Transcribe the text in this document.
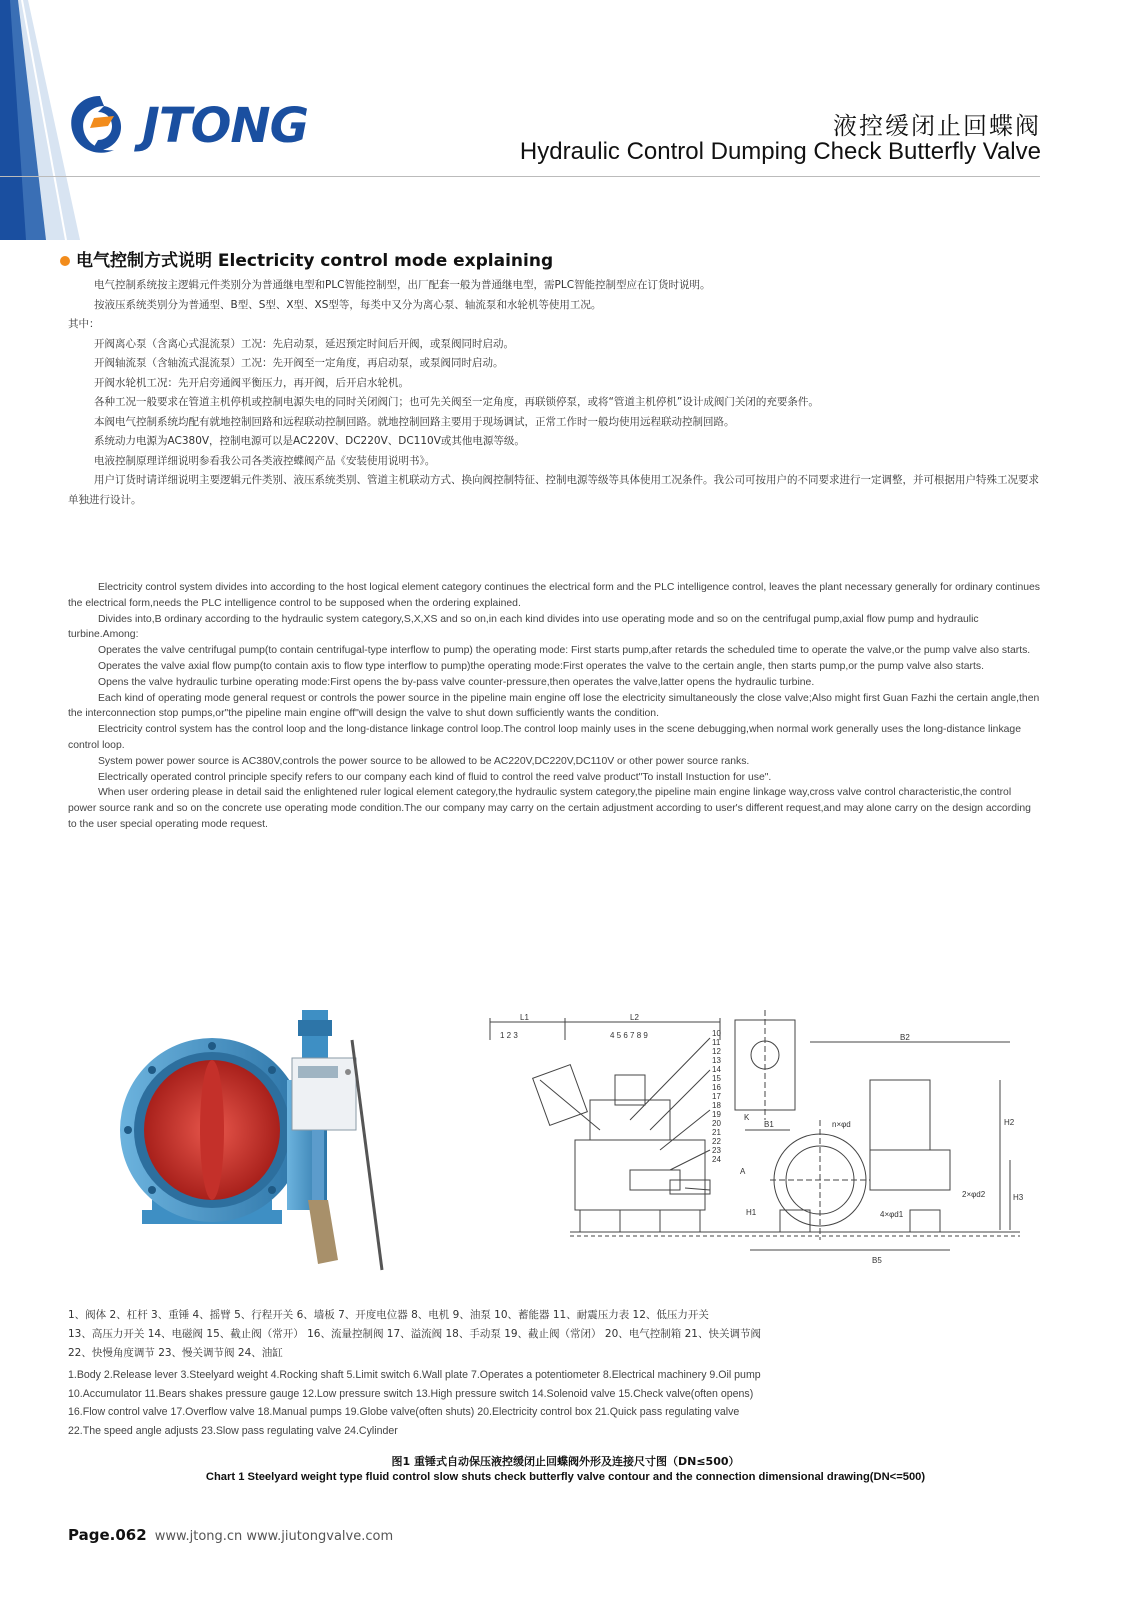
JTONG	液控缓闭止回蝶阀
Hydraulic Control Dumping Check Butterfly Valve
电气控制方式说明 Electricity control mode explaining

电气控制系统按主逻辑元件类别分为普通继电型和PLC智能控制型，出厂配套一般为普通继电型，需PLC智能控制型应在订货时说明。

按液压系统类别分为普通型、B型、S型、X型、XS型等，每类中又分为离心泵、轴流泵和水轮机等使用工况。

其中：

开阀离心泵（含离心式混流泵）工况：先启动泵，延迟预定时间后开阀，或泵阀同时启动。

开阀轴流泵（含轴流式混流泵）工况：先开阀至一定角度，再启动泵，或泵阀同时启动。

开阀水轮机工况：先开启旁通阀平衡压力，再开阀，后开启水轮机。

各种工况一般要求在管道主机停机或控制电源失电的同时关闭阀门；也可先关阀至一定角度，再联锁停泵，或将“管道主机停机”设计成阀门关闭的充要条件。

本阀电气控制系统均配有就地控制回路和远程联动控制回路。就地控制回路主要用于现场调试，正常工作时一般均使用远程联动控制回路。

系统动力电源为AC380V，控制电源可以是AC220V、DC220V、DC110V或其他电源等级。

电液控制原理详细说明参看我公司各类液控蝶阀产品《安装使用说明书》。

用户订货时请详细说明主要逻辑元件类别、液压系统类别、管道主机联动方式、换向阀控制特征、控制电源等级等具体使用工况条件。我公司可按用户的不同要求进行一定调整，并可根据用户特殊工况要求单独进行设计。

Electricity control system divides into according to the host logical element category continues the electrical form and the PLC intelligence control, leaves the plant necessary generally for ordinary continues the electrical form,needs the PLC intelligence control to be supposed when the ordering explained.

Divides into,B ordinary according to the hydraulic system category,S,X,XS and so on,in each kind divides into use operating mode and so on the centrifugal pump,axial flow pump and hydraulic turbine.Among:

Operates the valve centrifugal pump(to contain centrifugal-type interflow to pump) the operating mode: First starts pump,after retards the scheduled time to operate the valve,or the pump valve also starts.

Operates the valve axial flow pump(to contain axis to flow type interflow to pump)the operating mode:First operates the valve to the certain angle, then starts pump,or the pump valve also starts.

Opens the valve hydraulic turbine operating mode:First opens the by-pass valve counter-pressure,then operates the valve,latter opens the hydraulic turbine.

Each kind of operating mode general request or controls the power source in the pipeline main engine off lose the electricity simultaneously the close valve;Also might first Guan Fazhi the certain angle,then the interconnection stop pumps,or"the pipeline main engine off"will design the valve to shut down sufficiently wants the condition.

Electricity control system has the control loop and the long-distance linkage control loop.The control loop mainly uses in the scene debugging,when normal work generally uses the long-distance linkage control loop.

System power power source is AC380V,controls the power source to be allowed to be AC220V,DC220V,DC110V or other power source ranks.

Electrically operated control principle specify refers to our company each kind of fluid to control the reed valve product"To install Instuction for use".

When user ordering please in detail said the enlightened ruler logical element category,the hydraulic system category,the pipeline main engine linkage way,cross valve control characteristic,the control power source rank and so on the concrete use operating mode condition.The our company may carry on the certain adjustment according to user's different request,and may alone carry on the design according to the user special operating mode request.

L1	L2
B2
H2
B1
H1
B5
H3
A
K
n×φd
2×φd2
4×φd1
1 2 3	4 5 6 7 8 9	10
11
12
13
14
15
16
17
18
19
20
21
22
23
24
1、阀体 2、杠杆 3、重锤 4、摇臂 5、行程开关 6、墙板 7、开度电位器 8、电机 9、油泵 10、蓄能器 11、耐震压力表 12、低压力开关
13、高压力开关 14、电磁阀 15、截止阀（常开） 16、流量控制阀 17、溢流阀 18、手动泵 19、截止阀（常闭） 20、电气控制箱 21、快关调节阀
22、快慢角度调节 23、慢关调节阀 24、油缸
1.Body 2.Release lever 3.Steelyard weight 4.Rocking shaft 5.Limit switch 6.Wall plate 7.Operates a potentiometer 8.Electrical machinery 9.Oil pump
10.Accumulator 11.Bears shakes pressure gauge 12.Low pressure switch 13.High pressure switch 14.Solenoid valve 15.Check valve(often opens)
16.Flow control valve 17.Overflow valve 18.Manual pumps 19.Globe valve(often shuts) 20.Electricity control box 21.Quick pass regulating valve
22.The speed angle adjusts 23.Slow pass regulating valve 24.Cylinder
图1 重锤式自动保压液控缓闭止回蝶阀外形及连接尺寸图（DN≤500）
Chart 1 Steelyard weight type fluid control slow shuts check butterfly valve contour and the connection dimensional drawing(DN<=500)
Page.062 www.jtong.cn www.jiutongvalve.com
